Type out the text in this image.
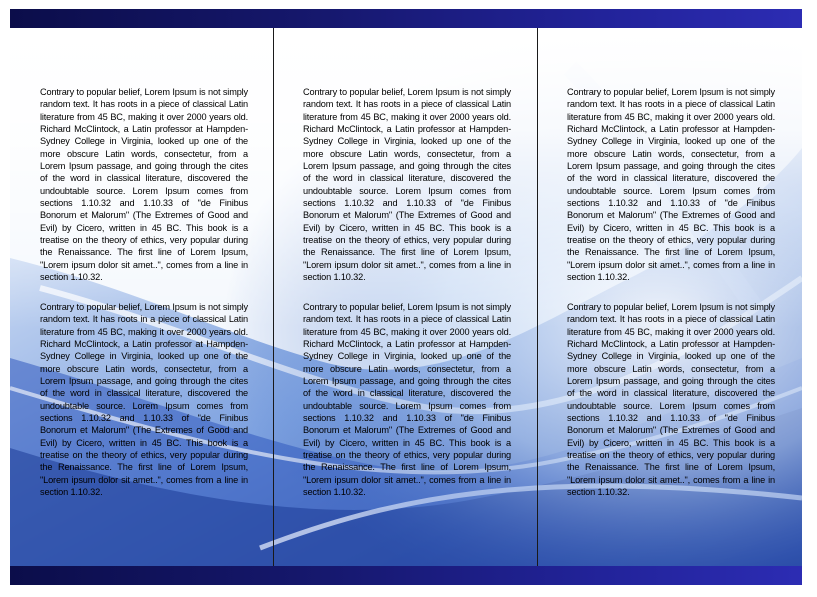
Contrary to popular belief, Lorem Ipsum is not simply random text. It has roots in a piece of classical Latin literature from 45 BC, making it over 2000 years old. Richard McClintock, a Latin professor at Hampden-Sydney College in Virginia, looked up one of the more obscure Latin words, consectetur, from a Lorem Ipsum passage, and going through the cites of the word in classical literature, discovered the undoubtable source. Lorem Ipsum comes from sections 1.10.32 and 1.10.33 of "de Finibus Bonorum et Malorum" (The Extremes of Good and Evil) by Cicero, written in 45 BC. This book is a treatise on the theory of ethics, very popular during the Renaissance. The first line of Lorem Ipsum, "Lorem ipsum dolor sit amet..", comes from a line in section 1.10.32.

Contrary to popular belief, Lorem Ipsum is not simply random text. It has roots in a piece of classical Latin literature from 45 BC, making it over 2000 years old. Richard McClintock, a Latin professor at Hampden-Sydney College in Virginia, looked up one of the more obscure Latin words, consectetur, from a Lorem Ipsum passage, and going through the cites of the word in classical literature, discovered the undoubtable source. Lorem Ipsum comes from sections 1.10.32 and 1.10.33 of "de Finibus Bonorum et Malorum" (The Extremes of Good and Evil) by Cicero, written in 45 BC. This book is a treatise on the theory of ethics, very popular during the Renaissance. The first line of Lorem Ipsum, "Lorem ipsum dolor sit amet..", comes from a line in section 1.10.32.

Contrary to popular belief, Lorem Ipsum is not simply random text. It has roots in a piece of classical Latin literature from 45 BC, making it over 2000 years old. Richard McClintock, a Latin professor at Hampden-Sydney College in Virginia, looked up one of the more obscure Latin words, consectetur, from a Lorem Ipsum passage, and going through the cites of the word in classical literature, discovered the undoubtable source. Lorem Ipsum comes from sections 1.10.32 and 1.10.33 of "de Finibus Bonorum et Malorum" (The Extremes of Good and Evil) by Cicero, written in 45 BC. This book is a treatise on the theory of ethics, very popular during the Renaissance. The first line of Lorem Ipsum, "Lorem ipsum dolor sit amet..", comes from a line in section 1.10.32.

Contrary to popular belief, Lorem Ipsum is not simply random text. It has roots in a piece of classical Latin literature from 45 BC, making it over 2000 years old. Richard McClintock, a Latin professor at Hampden-Sydney College in Virginia, looked up one of the more obscure Latin words, consectetur, from a Lorem Ipsum passage, and going through the cites of the word in classical literature, discovered the undoubtable source. Lorem Ipsum comes from sections 1.10.32 and 1.10.33 of "de Finibus Bonorum et Malorum" (The Extremes of Good and Evil) by Cicero, written in 45 BC. This book is a treatise on the theory of ethics, very popular during the Renaissance. The first line of Lorem Ipsum, "Lorem ipsum dolor sit amet..", comes from a line in section 1.10.32.

Contrary to popular belief, Lorem Ipsum is not simply random text. It has roots in a piece of classical Latin literature from 45 BC, making it over 2000 years old. Richard McClintock, a Latin professor at Hampden-Sydney College in Virginia, looked up one of the more obscure Latin words, consectetur, from a Lorem Ipsum passage, and going through the cites of the word in classical literature, discovered the undoubtable source. Lorem Ipsum comes from sections 1.10.32 and 1.10.33 of "de Finibus Bonorum et Malorum" (The Extremes of Good and Evil) by Cicero, written in 45 BC. This book is a treatise on the theory of ethics, very popular during the Renaissance. The first line of Lorem Ipsum, "Lorem ipsum dolor sit amet..", comes from a line in section 1.10.32.

Contrary to popular belief, Lorem Ipsum is not simply random text. It has roots in a piece of classical Latin literature from 45 BC, making it over 2000 years old. Richard McClintock, a Latin professor at Hampden-Sydney College in Virginia, looked up one of the more obscure Latin words, consectetur, from a Lorem Ipsum passage, and going through the cites of the word in classical literature, discovered the undoubtable source. Lorem Ipsum comes from sections 1.10.32 and 1.10.33 of "de Finibus Bonorum et Malorum" (The Extremes of Good and Evil) by Cicero, written in 45 BC. This book is a treatise on the theory of ethics, very popular during the Renaissance. The first line of Lorem Ipsum, "Lorem ipsum dolor sit amet..", comes from a line in section 1.10.32.
